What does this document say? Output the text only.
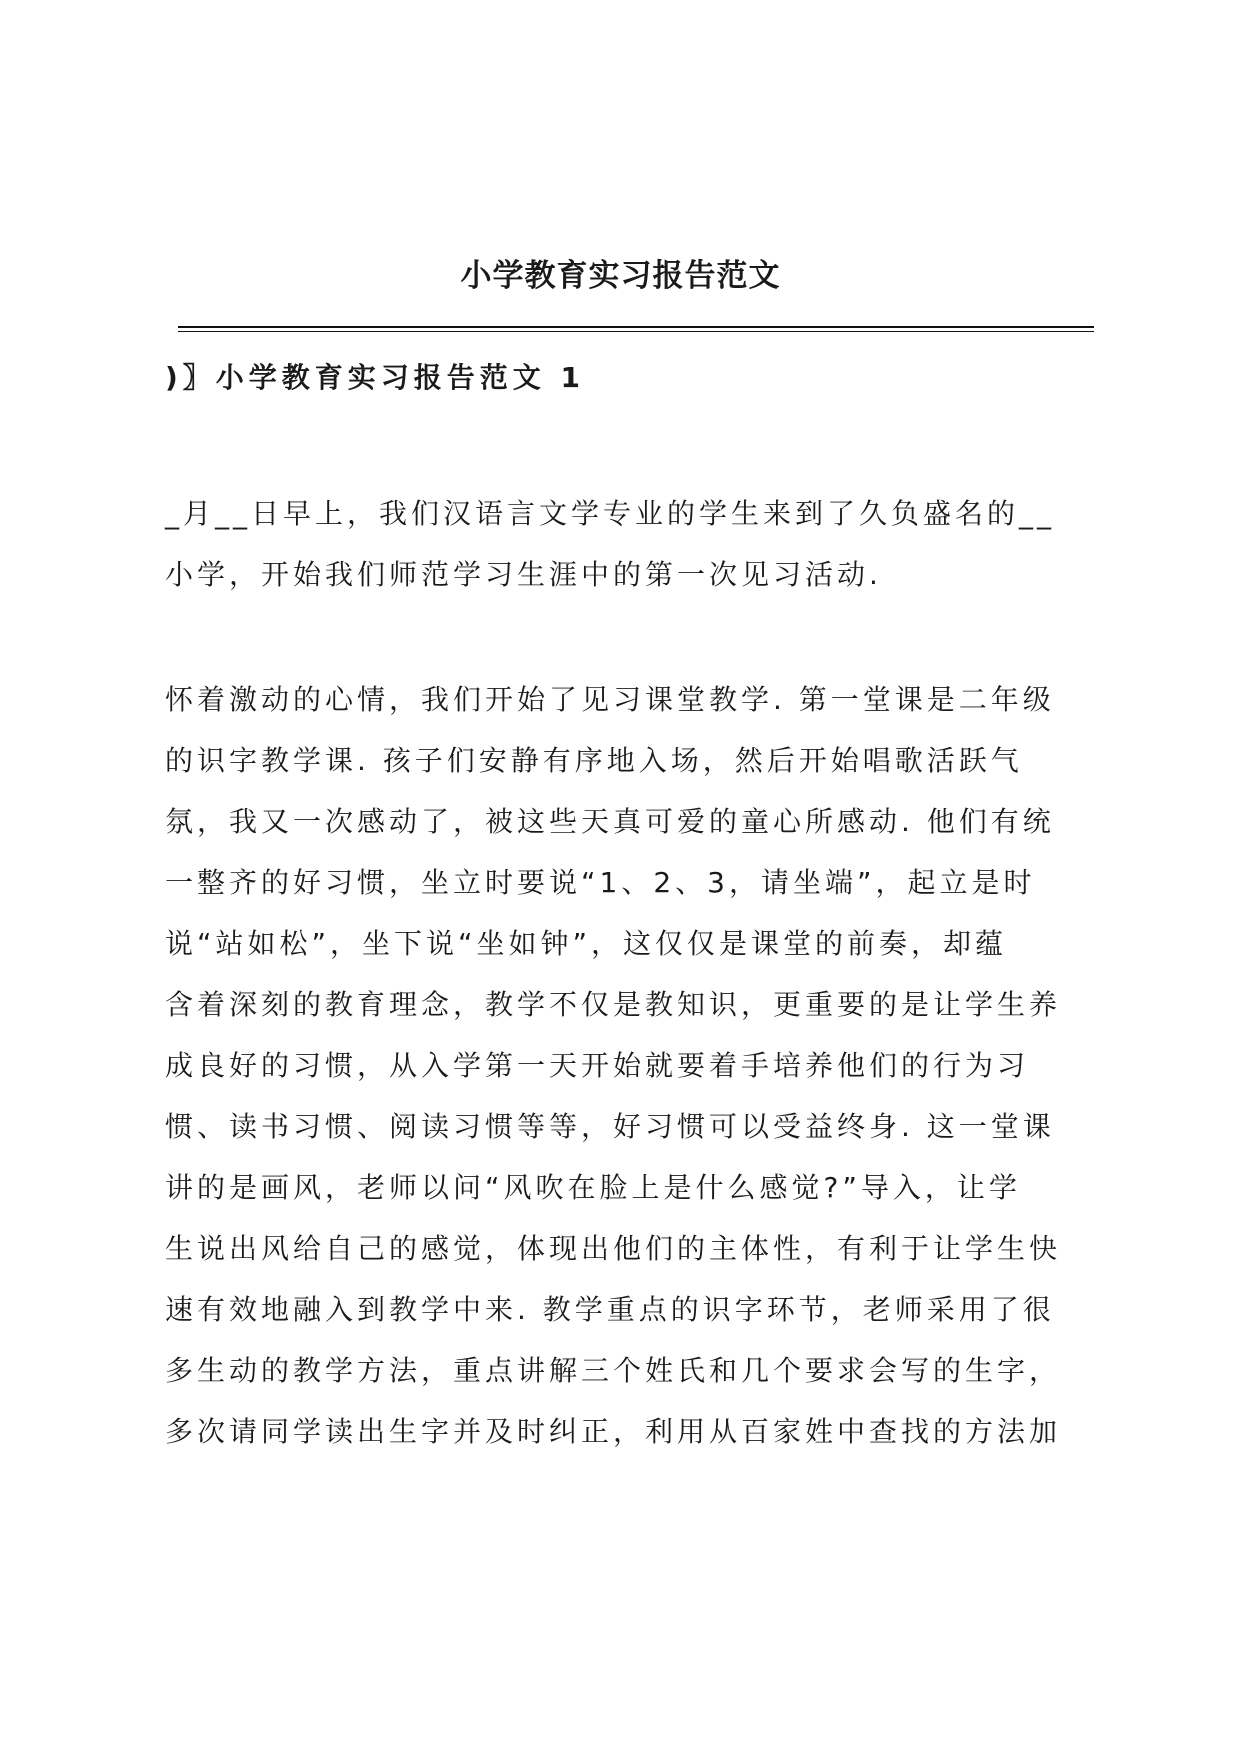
小学教育实习报告范文
)〗小学教育实习报告范文 1

_月__日早上，我们汉语言文学专业的学生来到了久负盛名的__
小学，开始我们师范学习生涯中的第一次见习活动.

怀着激动的心情，我们开始了见习课堂教学. 第一堂课是二年级
的识字教学课. 孩子们安静有序地入场，然后开始唱歌活跃气
氛，我又一次感动了，被这些天真可爱的童心所感动. 他们有统
一整齐的好习惯，坐立时要说“1、2、3，请坐端”，起立是时
说“站如松”，坐下说“坐如钟”，这仅仅是课堂的前奏，却蕴
含着深刻的教育理念，教学不仅是教知识，更重要的是让学生养
成良好的习惯，从入学第一天开始就要着手培养他们的行为习
惯、读书习惯、阅读习惯等等，好习惯可以受益终身. 这一堂课
讲的是画风，老师以问“风吹在脸上是什么感觉?”导入，让学
生说出风给自己的感觉，体现出他们的主体性，有利于让学生快
速有效地融入到教学中来. 教学重点的识字环节，老师采用了很
多生动的教学方法，重点讲解三个姓氏和几个要求会写的生字，
多次请同学读出生字并及时纠正，利用从百家姓中查找的方法加
